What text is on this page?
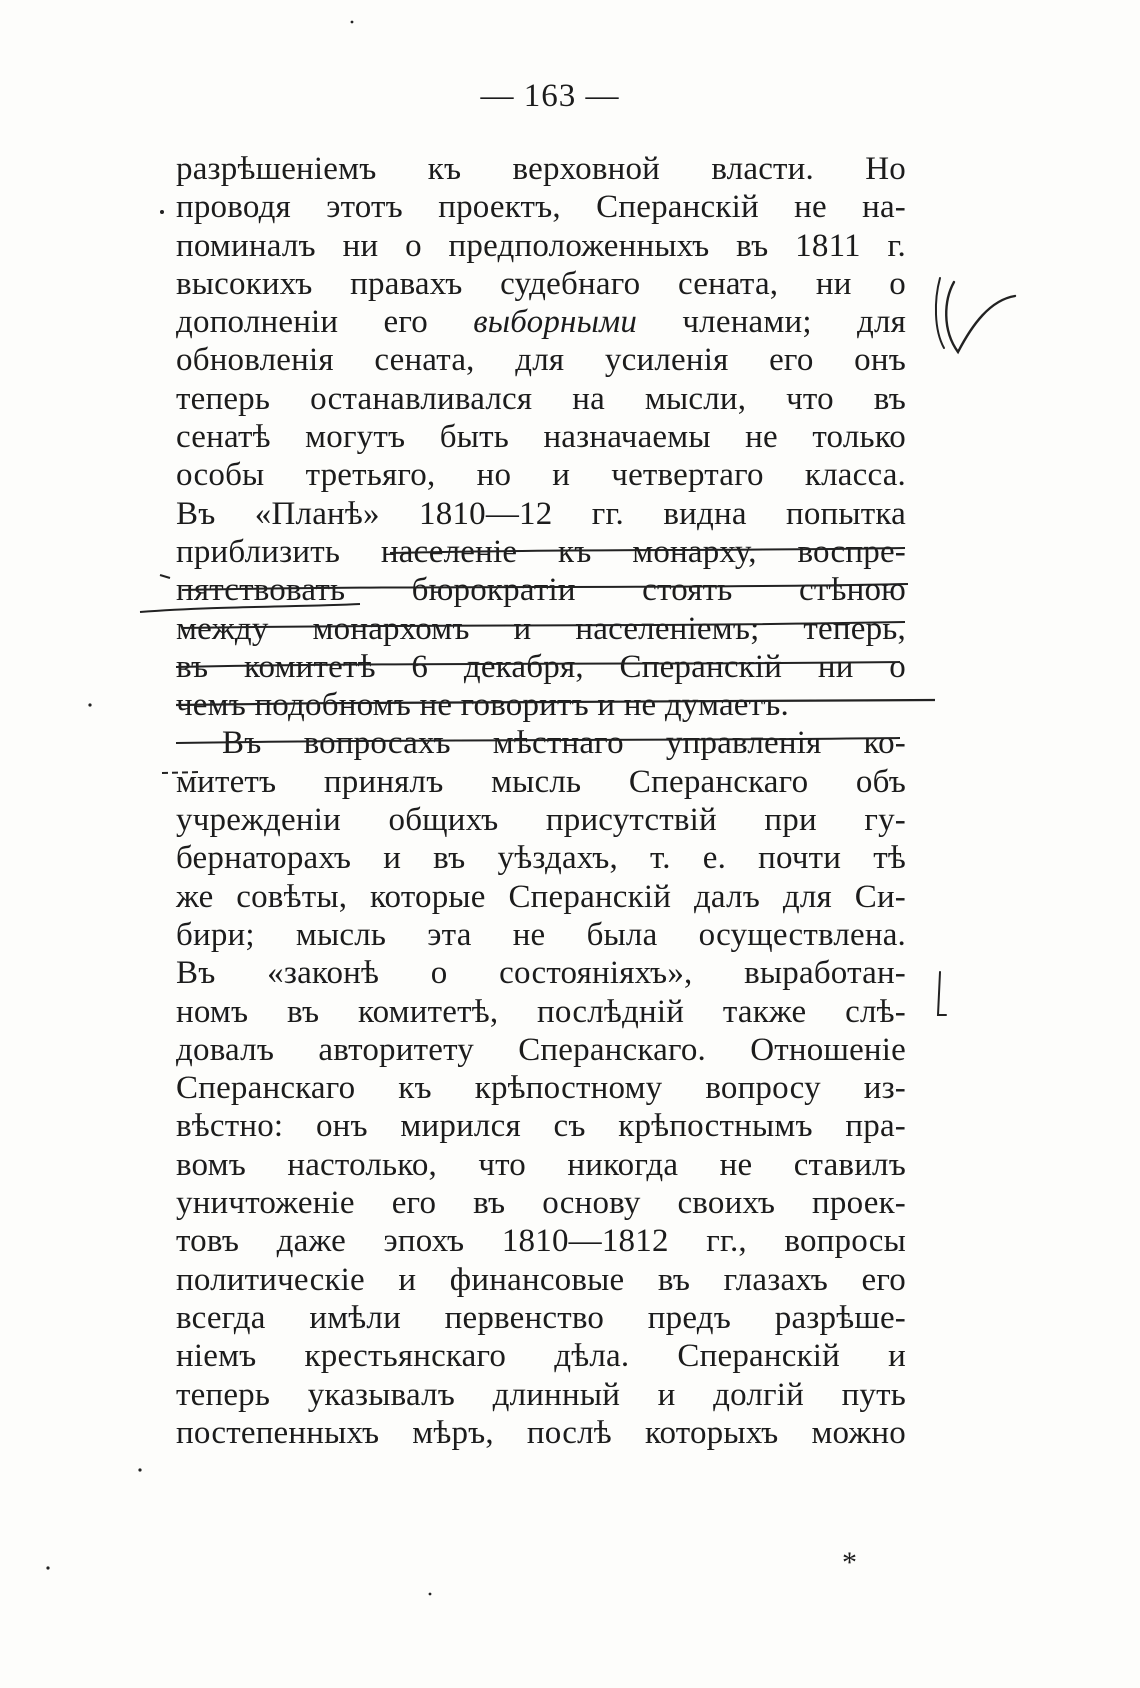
— 163 —
разрѣшеніемъ къ верховной власти. Но
проводя этотъ проектъ, Сперанскій не на-
поминалъ ни о предположенныхъ въ 1811 г.
высокихъ правахъ судебнаго сената, ни о
дополненіи его выборными членами; для
обновленія сената, для усиленія его онъ
теперь останавливался на мысли, что въ
сенатѣ могутъ быть назначаемы не только
особы третьяго, но и четвертаго класса.
Въ «Планѣ» 1810—12 гг. видна попытка
приблизить населеніе къ монарху, воспре-
пятствовать бюрократіи стоять стѣною
между монархомъ и населеніемъ; теперь,
въ комитетѣ 6 декабря, Сперанскій ни о
чемъ подобномъ не говоритъ и не думаетъ.
Въ вопросахъ мѣстнаго управленія ко-
митетъ принялъ мысль Сперанскаго объ
учрежденіи общихъ присутствій при гу-
бернаторахъ и въ уѣздахъ, т. е. почти тѣ
же совѣты, которые Сперанскій далъ для Си-
бири; мысль эта не была осуществлена.
Въ «законѣ о состояніяхъ», выработан-
номъ въ комитетѣ, послѣдній также слѣ-
довалъ авторитету Сперанскаго. Отношеніе
Сперанскаго къ крѣпостному вопросу из-
вѣстно: онъ мирился съ крѣпостнымъ пра-
вомъ настолько, что никогда не ставилъ
уничтоженіе его въ основу своихъ проек-
товъ даже эпохъ 1810—1812 гг., вопросы
политическіе и финансовые въ глазахъ его
всегда имѣли первенство предъ разрѣше-
ніемъ крестьянскаго дѣла. Сперанскій и
теперь указывалъ длинный и долгій путь
постепенныхъ мѣръ, послѣ которыхъ можно
*
